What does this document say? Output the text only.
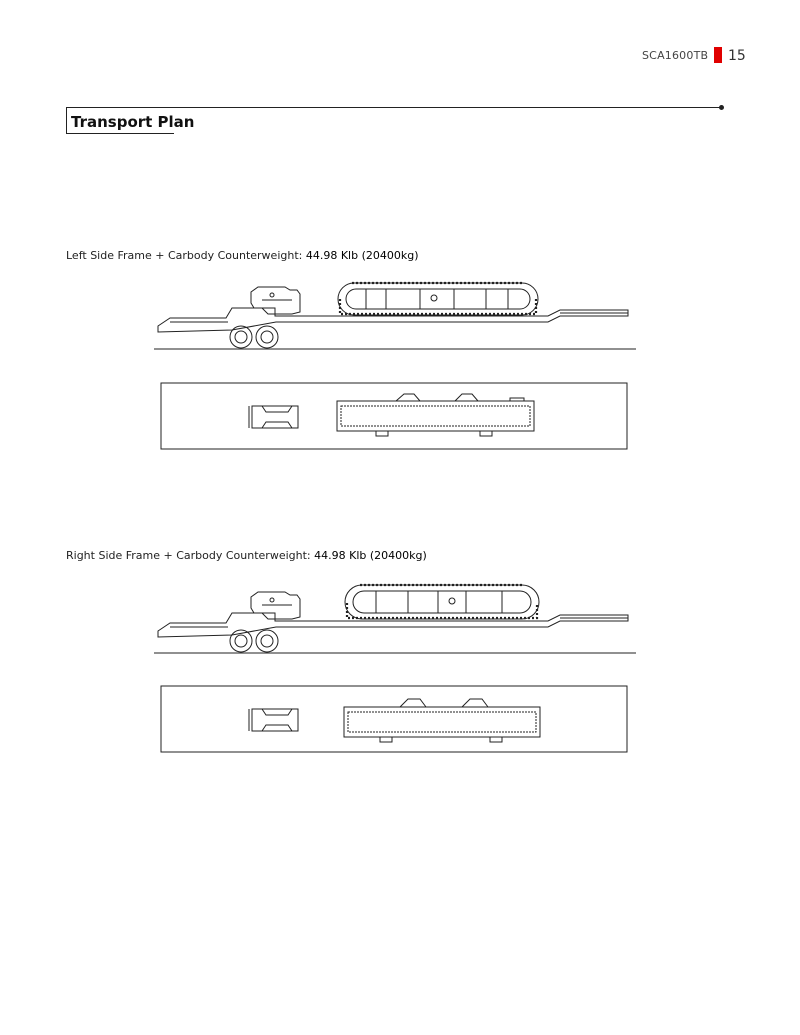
SCA1600TB 15
Transport Plan
Left Side Frame + Carbody Counterweight: 44.98 Klb (20400kg)
Right Side Frame + Carbody Counterweight: 44.98 Klb (20400kg)
